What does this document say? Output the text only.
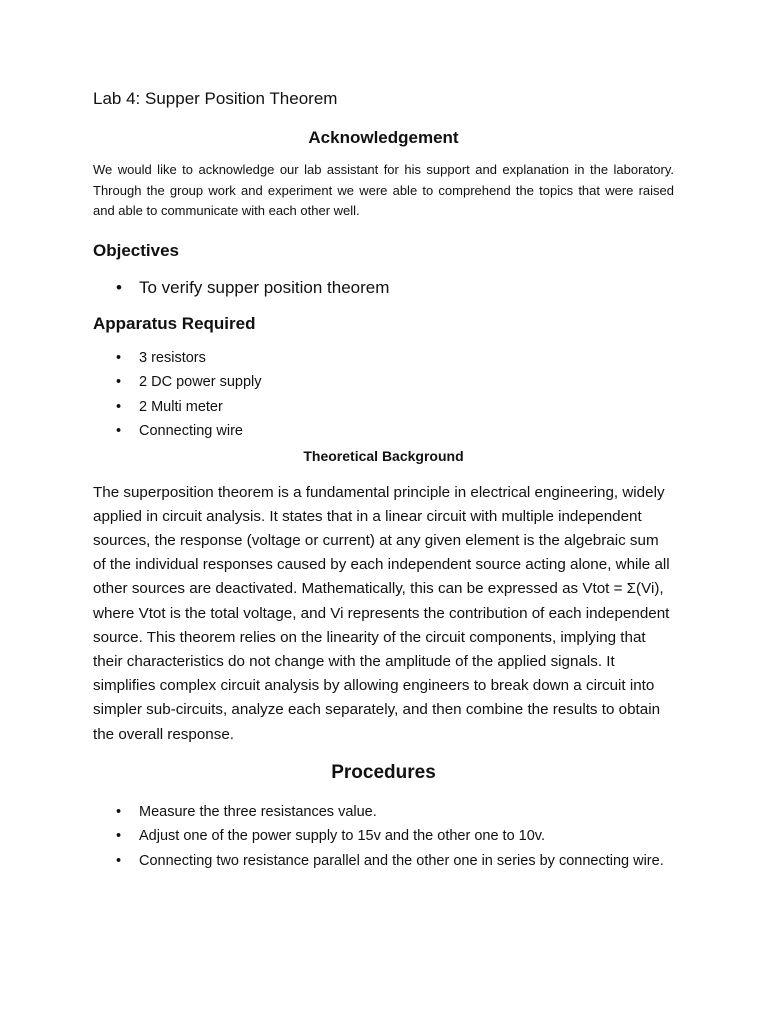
Lab 4: Supper Position Theorem

Acknowledgement

We would like to acknowledge our lab assistant for his support and explanation in the laboratory. Through the group work and experiment we were able to comprehend the topics that were raised and able to communicate with each other well.

Objectives
• To verify supper position theorem
Apparatus Required
• 3 resistors
• 2 DC power supply
• 2 Multi meter
• Connecting wire
Theoretical Background

The superposition theorem is a fundamental principle in electrical engineering, widely applied in circuit analysis. It states that in a linear circuit with multiple independent sources, the response (voltage or current) at any given element is the algebraic sum of the individual responses caused by each independent source acting alone, while all other sources are deactivated. Mathematically, this can be expressed as Vtot = Σ(Vi), where Vtot is the total voltage, and Vi represents the contribution of each independent source. This theorem relies on the linearity of the circuit components, implying that their characteristics do not change with the amplitude of the applied signals. It simplifies complex circuit analysis by allowing engineers to break down a circuit into simpler sub-circuits, analyze each separately, and then combine the results to obtain the overall response.

Procedures
• Measure the three resistances value.
• Adjust one of the power supply to 15v and the other one to 10v.
• Connecting two resistance parallel and the other one in series by connecting wire.
